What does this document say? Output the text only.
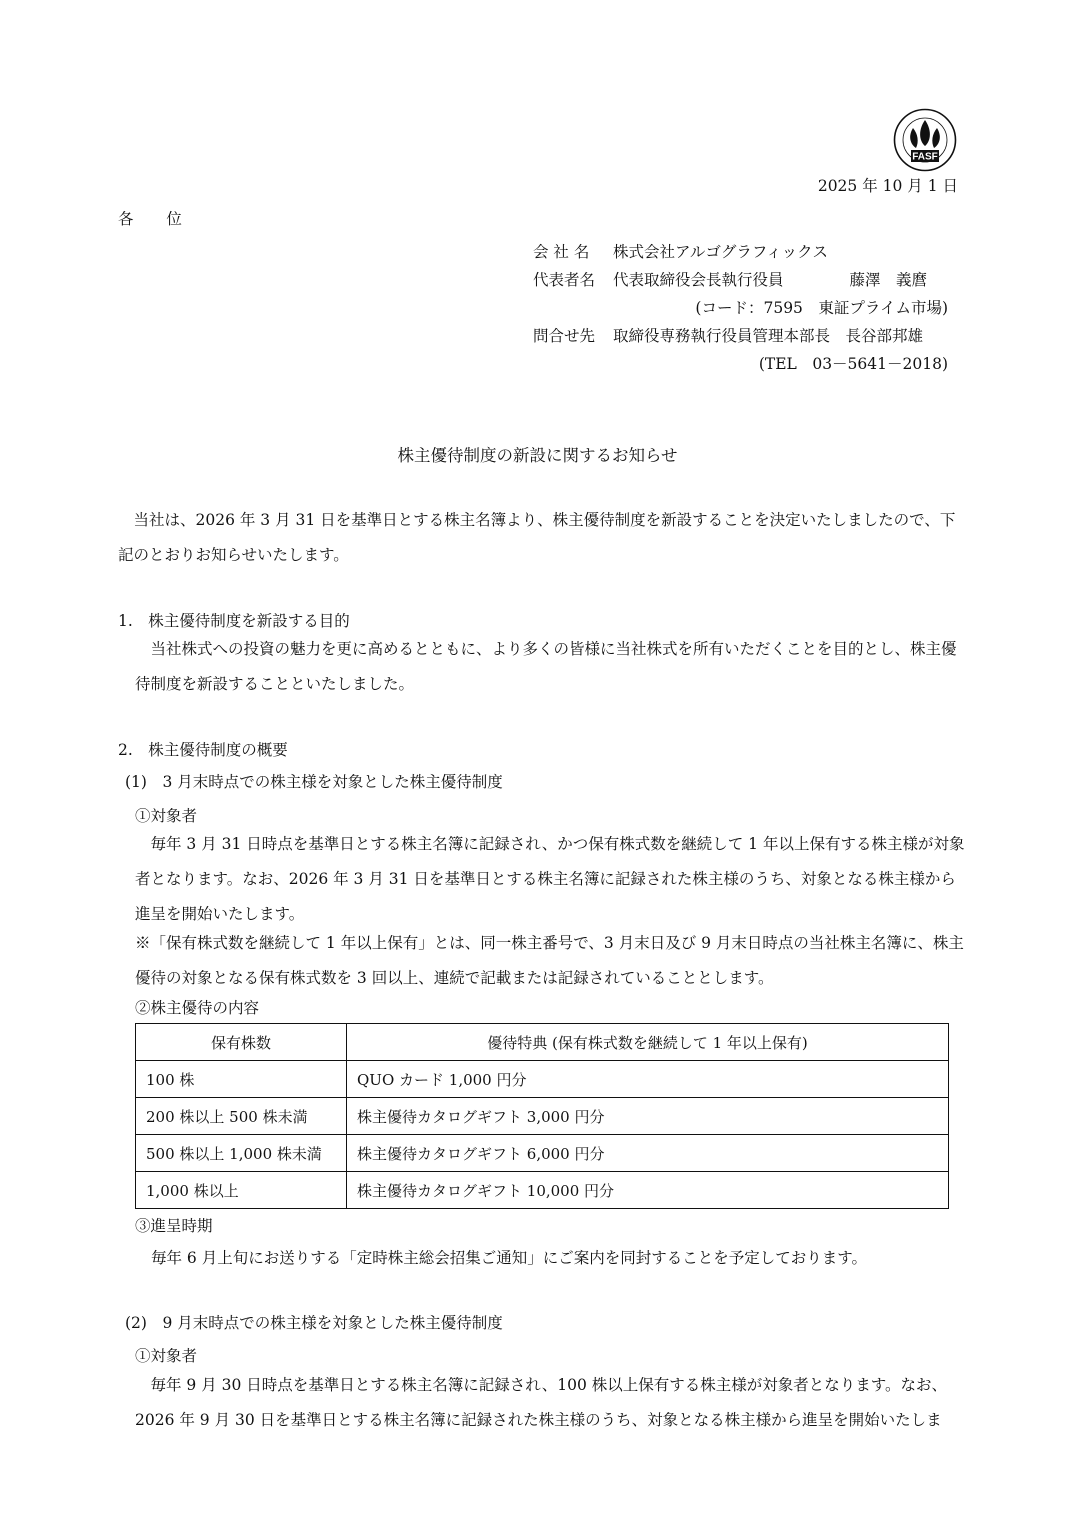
FASF
2025 年 10 月 1 日
各 位
会 社 名 株式会社アルゴグラフィックス
代表者名 代表取締役会長執行役員	藤澤　義麿
(コード：7595　東証プライム市場)
問合せ先 取締役専務執行役員管理本部長　長谷部邦雄
(TEL　03－5641－2018)
株主優待制度の新設に関するお知らせ
当社は、2026 年 3 月 31 日を基準日とする株主名簿より、株主優待制度を新設することを決定いたしましたので、下記のとおりお知らせいたします。
1.　株主優待制度を新設する目的
当社株式への投資の魅力を更に高めるとともに、より多くの皆様に当社株式を所有いただくことを目的とし、株主優待制度を新設することといたしました。
2.　株主優待制度の概要
(1)　3 月末時点での株主様を対象とした株主優待制度
①対象者
毎年 3 月 31 日時点を基準日とする株主名簿に記録され、かつ保有株式数を継続して 1 年以上保有する株主様が対象者となります。なお、2026 年 3 月 31 日を基準日とする株主名簿に記録された株主様のうち、対象となる株主様から進呈を開始いたします。
※「保有株式数を継続して 1 年以上保有」とは、同一株主番号で、3 月末日及び 9 月末日時点の当社株主名簿に、株主優待の対象となる保有株式数を 3 回以上、連続で記載または記録されていることとします。
②株主優待の内容
保有株数	優待特典 (保有株式数を継続して 1 年以上保有)
100 株	QUO カード 1,000 円分
200 株以上 500 株未満	株主優待カタログギフト 3,000 円分
500 株以上 1,000 株未満	株主優待カタログギフト 6,000 円分
1,000 株以上	株主優待カタログギフト 10,000 円分
③進呈時期
毎年 6 月上旬にお送りする「定時株主総会招集ご通知」にご案内を同封することを予定しております。
(2)　9 月末時点での株主様を対象とした株主優待制度
①対象者
毎年 9 月 30 日時点を基準日とする株主名簿に記録され、100 株以上保有する株主様が対象者となります。なお、2026 年 9 月 30 日を基準日とする株主名簿に記録された株主様のうち、対象となる株主様から進呈を開始いたしま
